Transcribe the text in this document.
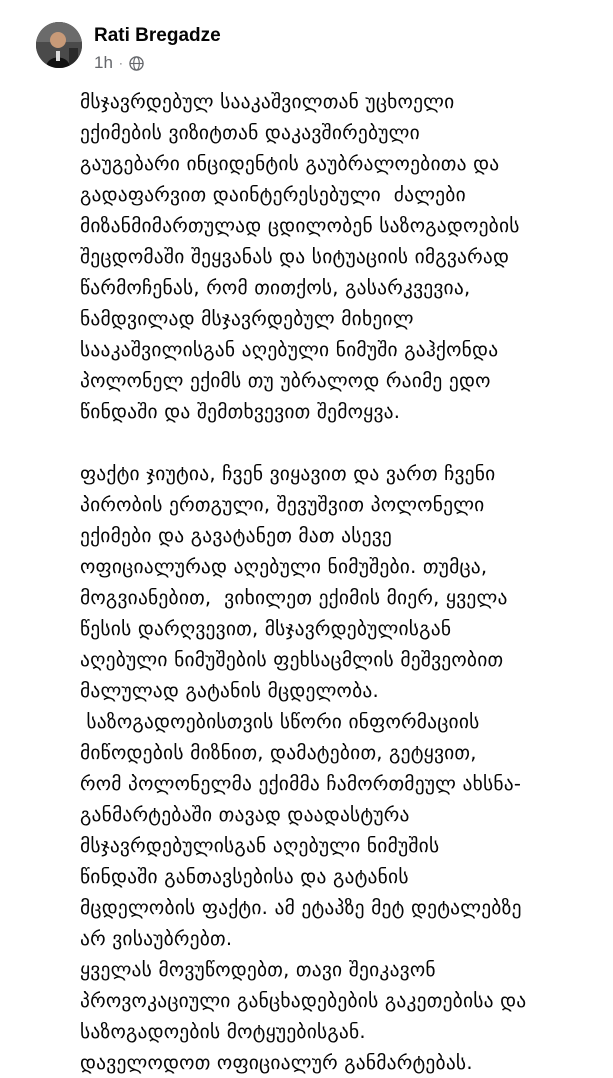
Rati Bregadze
1h ·
მსჯავრდებულ სააკაშვილთან უცხოელი
ექიმების ვიზიტთან დაკავშირებული
გაუგებარი ინციდენტის გაუბრალოებითა და
გადაფარვით დაინტერესებული  ძალები
მიზანმიმართულად ცდილობენ საზოგადოების
შეცდომაში შეყვანას და სიტუაციის იმგვარად
წარმოჩენას, რომ თითქოს, გასარკვევია,
ნამდვილად მსჯავრდებულ მიხეილ
სააკაშვილისგან აღებული ნიმუში გაჰქონდა
პოლონელ ექიმს თუ უბრალოდ რაიმე ედო
წინდაში და შემთხვევით შემოყვა.
ფაქტი ჯიუტია, ჩვენ ვიყავით და ვართ ჩვენი
პირობის ერთგული, შევუშვით პოლონელი
ექიმები და გავატანეთ მათ ასევე
ოფიციალურად აღებული ნიმუშები. თუმცა,
მოგვიანებით,  ვიხილეთ ექიმის მიერ, ყველა
წესის დარღვევით, მსჯავრდებულისგან
აღებული ნიმუშების ფეხსაცმლის მეშვეობით
მალულად გატანის მცდელობა.
საზოგადოებისთვის სწორი ინფორმაციის
მიწოდების მიზნით, დამატებით, გეტყვით,
რომ პოლონელმა ექიმმა ჩამორთმეულ ახსნა-
განმარტებაში თავად დაადასტურა
მსჯავრდებულისგან აღებული ნიმუშის
წინდაში განთავსებისა და გატანის
მცდელობის ფაქტი. ამ ეტაპზე მეტ დეტალებზე
არ ვისაუბრებთ.
ყველას მოვუწოდებთ, თავი შეიკავონ
პროვოკაციული განცხადებების გაკეთებისა და
საზოგადოების მოტყუებისგან.
დაველოდოთ ოფიციალურ განმარტებას.
